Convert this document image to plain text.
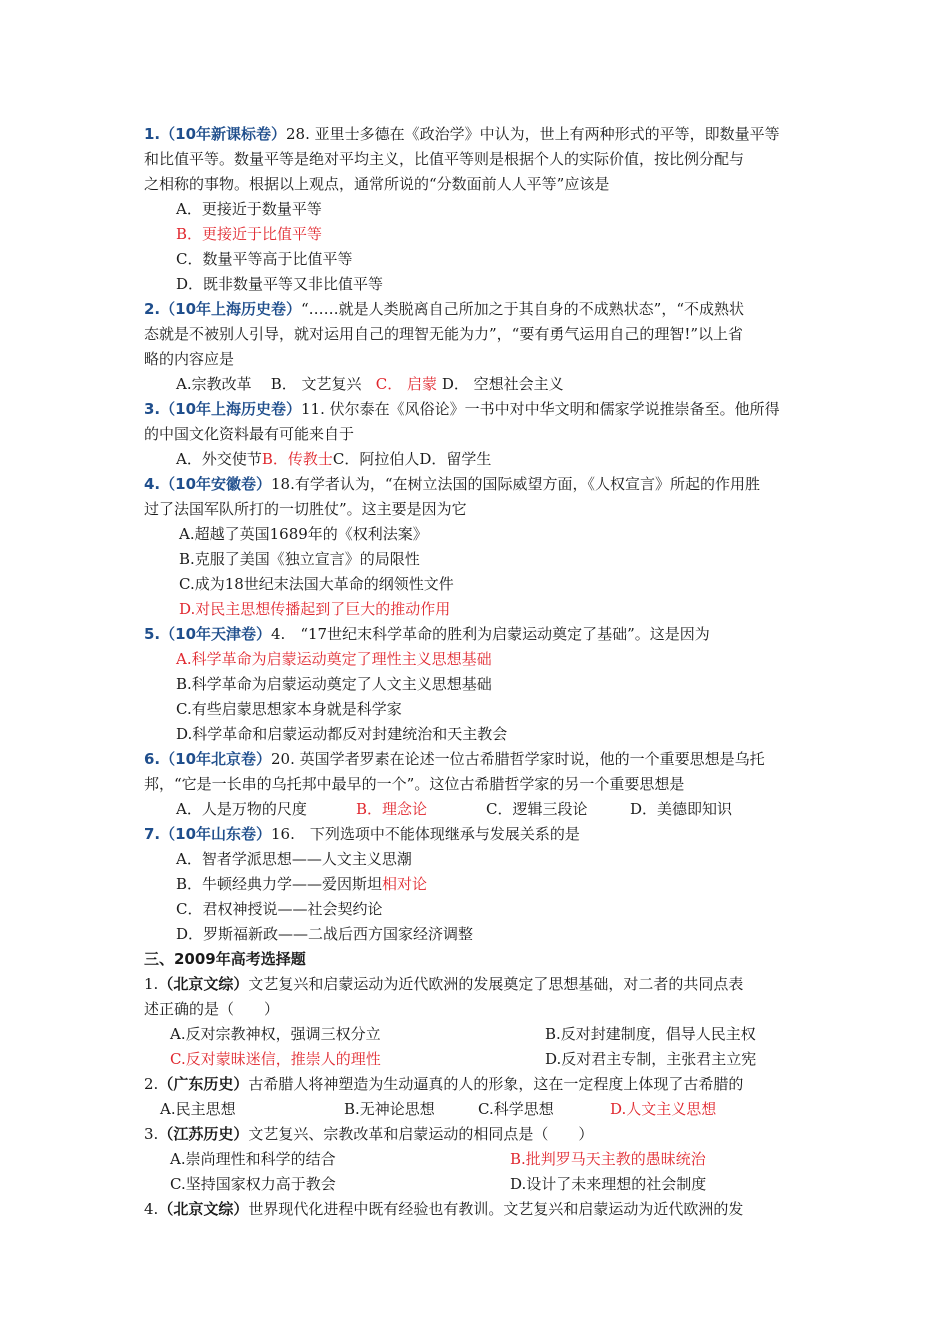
1.（10年新课标卷）28. 亚里士多德在《政治学》中认为，世上有两种形式的平等，即数量平等
和比值平等。数量平等是绝对平均主义，比值平等则是根据个人的实际价值，按比例分配与
之相称的事物。根据以上观点，通常所说的“分数面前人人平等”应该是
A．更接近于数量平等
B．更接近于比值平等
C．数量平等高于比值平等
D．既非数量平等又非比值平等
2.（10年上海历史卷）“……就是人类脱离自己所加之于其自身的不成熟状态”，“不成熟状
态就是不被别人引导，就对运用自己的理智无能为力”，“要有勇气运用自己的理智!”以上省
略的内容应是
A.宗教改革 B． 文艺复兴 C． 启蒙 D． 空想社会主义
3.（10年上海历史卷）11. 伏尔泰在《风俗论》一书中对中华文明和儒家学说推崇备至。他所得
的中国文化资料最有可能来自于
A．外交使节B．传教士C．阿拉伯人D．留学生
4.（10年安徽卷）18.有学者认为，“在树立法国的国际威望方面，《人权宣言》所起的作用胜
过了法国军队所打的一切胜仗”。这主要是因为它
A.超越了英国1689年的《权利法案》
B.克服了美国《独立宣言》的局限性
C.成为18世纪末法国大革命的纲领性文件
D.对民主思想传播起到了巨大的推动作用
5.（10年天津卷）4.　“17世纪末科学革命的胜利为启蒙运动奠定了基础”。这是因为
A.科学革命为启蒙运动奠定了理性主义思想基础
B.科学革命为启蒙运动奠定了人文主义思想基础
C.有些启蒙思想家本身就是科学家
D.科学革命和启蒙运动都反对封建统治和天主教会
6.（10年北京卷）20. 英国学者罗素在论述一位古希腊哲学家时说，他的一个重要思想是乌托
邦，“它是一长串的乌托邦中最早的一个”。这位古希腊哲学家的另一个重要思想是
A．人是万物的尺度	B．理念论	C．逻辑三段论	D．美德即知识
7.（10年山东卷）16.　下列选项中不能体现继承与发展关系的是
A．智者学派思想——人文主义思潮
B．牛顿经典力学——爱因斯坦相对论
C．君权神授说——社会契约论
D．罗斯福新政——二战后西方国家经济调整
三、2009年高考选择题
1.（北京文综）文艺复兴和启蒙运动为近代欧洲的发展奠定了思想基础，对二者的共同点表
述正确的是（　　）
A.反对宗教神权，强调三权分立	B.反对封建制度，倡导人民主权
C.反对蒙昧迷信，推崇人的理性	D.反对君主专制，主张君主立宪
2.（广东历史）古希腊人将神塑造为生动逼真的人的形象，这在一定程度上体现了古希腊的
A.民主思想	B.无神论思想	C.科学思想	D.人文主义思想
3.（江苏历史）文艺复兴、宗教改革和启蒙运动的相同点是（　　）
A.崇尚理性和科学的结合	B.批判罗马天主教的愚昧统治
C.坚持国家权力高于教会	D.设计了未来理想的社会制度
4.（北京文综）世界现代化进程中既有经验也有教训。文艺复兴和启蒙运动为近代欧洲的发
